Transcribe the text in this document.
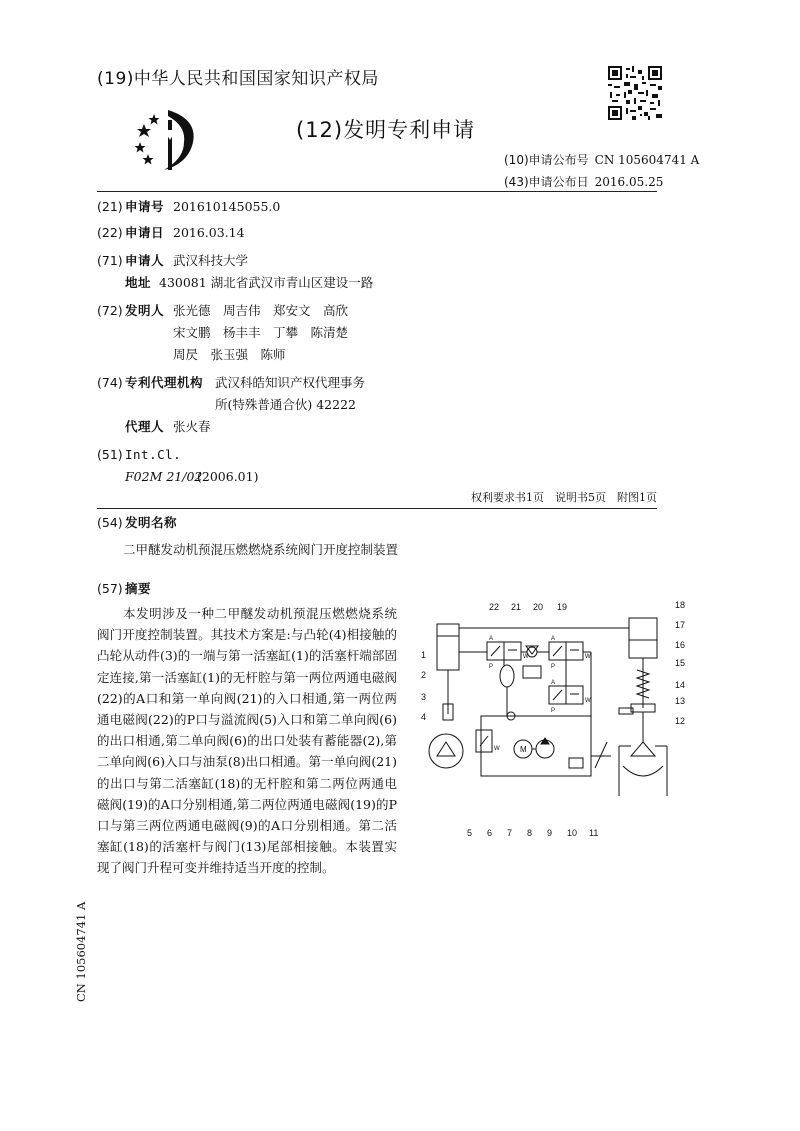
(19)中华人民共和国国家知识产权局
(12)发明专利申请
(10)申请公布号 CN 105604741 A
(43)申请公布日 2016.05.25
(21) 申请号 201610145055.0
(22) 申请日 2016.03.14
(71) 申请人 武汉科技大学
地址 430081 湖北省武汉市青山区建设一路
(72) 发明人 张光德　周吉伟　郑安文　高欣
宋文鹏　杨丰丰　丁攀　陈清楚
周昃　张玉强　陈师
(74) 专利代理机构 武汉科皓知识产权代理事务
所(特殊普通合伙) 42222
代理人 张火春
(51) Int.Cl.
F02M 21/02
(2006.01)
权利要求书1页　说明书5页　附图1页
(54) 发明名称
二甲醚发动机预混压燃燃烧系统阀门开度控制装置
(57) 摘要
本发明涉及一种二甲醚发动机预混压燃燃烧系统阀门开度控制装置。其技术方案是:与凸轮(4)相接触的凸轮从动件(3)的一端与第一活塞缸(1)的活塞杆端部固定连接,第一活塞缸(1)的无杆腔与第一两位两通电磁阀(22)的A口和第一单向阀(21)的入口相通,第一两位两通电磁阀(22)的P口与溢流阀(5)入口和第二单向阀(6)的出口相通,第二单向阀(6)的出口处装有蓄能器(2),第二单向阀(6)入口与油泵(8)出口相通。第一单向阀(21)的出口与第二活塞缸(18)的无杆腔和第二两位两通电磁阀(19)的A口分别相通,第二两位两通电磁阀(19)的P口与第三两位两通电磁阀(9)的A口分别相通。第二活塞缸(18)的活塞杆与阀门(13)尾部相接触。本装置实现了阀门升程可变并维持适当开度的控制。
CN 105604741 A
22 21 20 19	18
17
16
15
14
13
12
1
2
3
4
5 6 7 8 9 10 11
A
P
W
A
P
W
A
P
W
W	M
